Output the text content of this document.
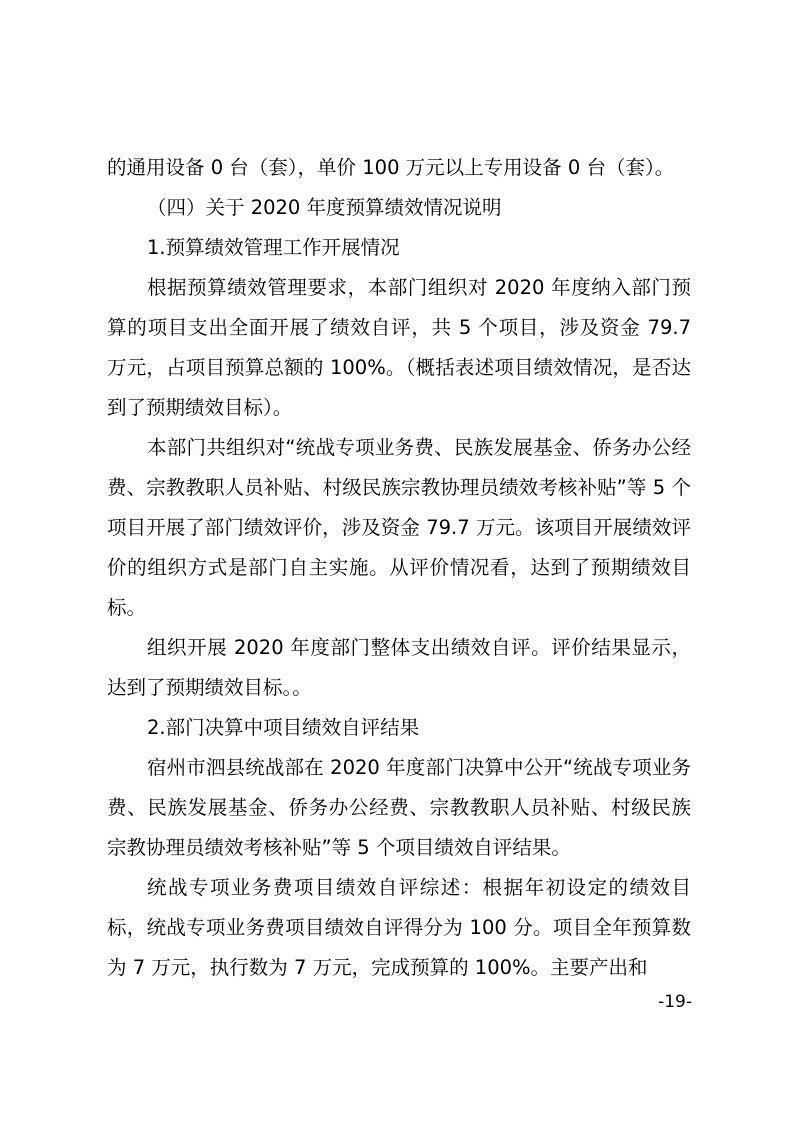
的通用设备 0 台（套），单价 100 万元以上专用设备 0 台（套）。

（四）关于 2020 年度预算绩效情况说明

1.预算绩效管理工作开展情况

根据预算绩效管理要求，本部门组织对 2020 年度纳入部门预算的项目支出全面开展了绩效自评，共 5 个项目，涉及资金 79.7 万元，占项目预算总额的 100%。（概括表述项目绩效情况，是否达到了预期绩效目标）。

本部门共组织对“统战专项业务费、民族发展基金、侨务办公经费、宗教教职人员补贴、村级民族宗教协理员绩效考核补贴”等 5 个项目开展了部门绩效评价，涉及资金 79.7 万元。该项目开展绩效评价的组织方式是部门自主实施。从评价情况看，达到了预期绩效目标。

组织开展 2020 年度部门整体支出绩效自评。评价结果显示，达到了预期绩效目标。。

2.部门决算中项目绩效自评结果

宿州市泗县统战部在 2020 年度部门决算中公开“统战专项业务费、民族发展基金、侨务办公经费、宗教教职人员补贴、村级民族宗教协理员绩效考核补贴”等 5 个项目绩效自评结果。

统战专项业务费项目绩效自评综述：根据年初设定的绩效目标，统战专项业务费项目绩效自评得分为 100 分。项目全年预算数为 7 万元，执行数为 7 万元，完成预算的 100%。主要产出和

-19-
